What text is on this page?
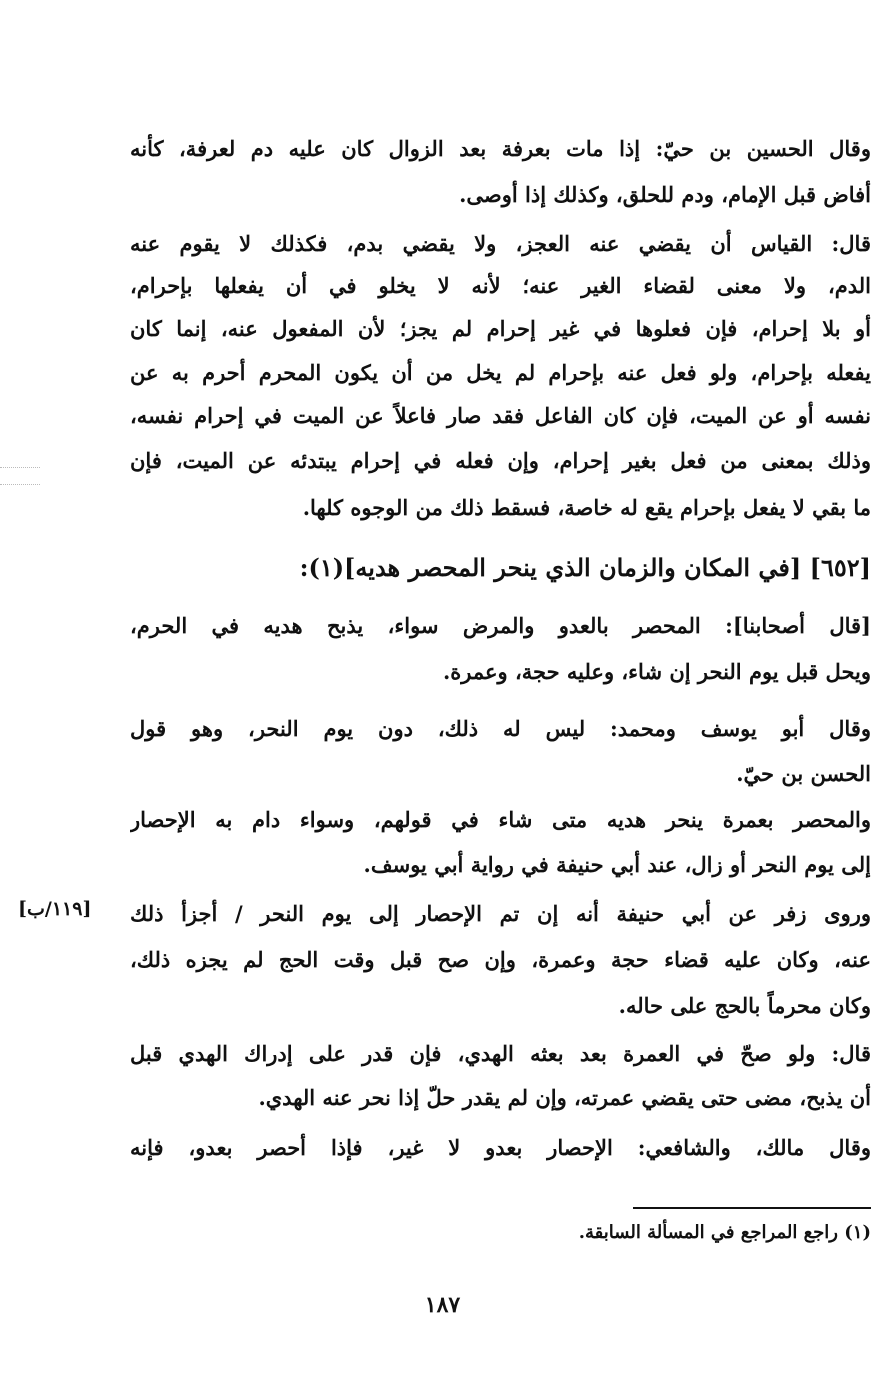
وقال الحسين بن حيّ: إذا مات بعرفة بعد الزوال كان عليه دم لعرفة، كأنه
أفاض قبل الإمام، ودم للحلق، وكذلك إذا أوصى.
قال: القياس أن يقضي عنه العجز، ولا يقضي بدم، فكذلك لا يقوم عنه
الدم، ولا معنى لقضاء الغير عنه؛ لأنه لا يخلو في أن يفعلها بإحرام،
أو بلا إحرام، فإن فعلوها في غير إحرام لم يجز؛ لأن المفعول عنه، إنما كان
يفعله بإحرام، ولو فعل عنه بإحرام لم يخل من أن يكون المحرم أحرم به عن
نفسه أو عن الميت، فإن كان الفاعل فقد صار فاعلاً عن الميت في إحرام نفسه،
وذلك بمعنى من فعل بغير إحرام، وإن فعله في إحرام يبتدئه عن الميت، فإن
ما بقي لا يفعل بإحرام يقع له خاصة، فسقط ذلك من الوجوه كلها.
[٦٥٢] [في المكان والزمان الذي ينحر المحصر هديه](١):
[قال أصحابنا]: المحصر بالعدو والمرض سواء، يذبح هديه في الحرم،
ويحل قبل يوم النحر إن شاء، وعليه حجة، وعمرة.
وقال أبو يوسف ومحمد: ليس له ذلك، دون يوم النحر، وهو قول
الحسن بن حيّ.
والمحصر بعمرة ينحر هديه متى شاء في قولهم، وسواء دام به الإحصار
إلى يوم النحر أو زال، عند أبي حنيفة في رواية أبي يوسف.
وروى زفر عن أبي حنيفة أنه إن تم الإحصار إلى يوم النحر / أجزأ ذلك
عنه، وكان عليه قضاء حجة وعمرة، وإن صح قبل وقت الحج لم يجزه ذلك،
وكان محرماً بالحج على حاله.
قال: ولو صحّ في العمرة بعد بعثه الهدي، فإن قدر على إدراك الهدي قبل
أن يذبح، مضى حتى يقضي عمرته، وإن لم يقدر حلّ إذا نحر عنه الهدي.
وقال مالك، والشافعي: الإحصار بعدو لا غير، فإذا أحصر بعدو، فإنه
[١١٩/ب]
(١) راجع المراجع في المسألة السابقة.
١٨٧
